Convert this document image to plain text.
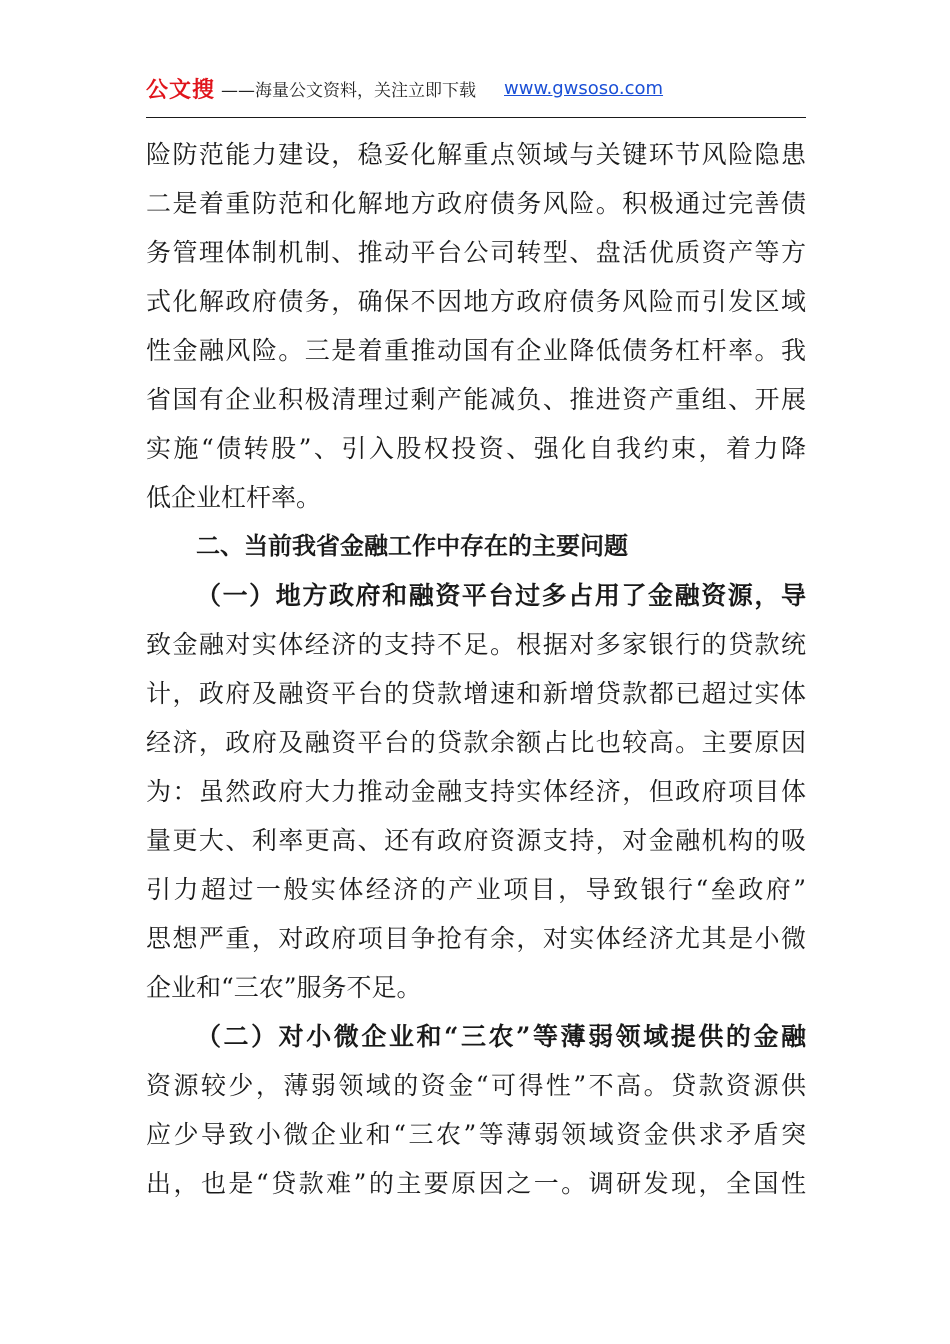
公文搜 ——海量公文资料，关注立即下载 www.gwsoso.com
险防范能力建设，稳妥化解重点领域与关键环节风险隐患
二是着重防范和化解地方政府债务风险。积极通过完善债
务管理体制机制、推动平台公司转型、盘活优质资产等方
式化解政府债务，确保不因地方政府债务风险而引发区域
性金融风险。三是着重推动国有企业降低债务杠杆率。我
省国有企业积极清理过剩产能减负、推进资产重组、开展
实施“债转股”、引入股权投资、强化自我约束，着力降
低企业杠杆率。
二、当前我省金融工作中存在的主要问题
（一）地方政府和融资平台过多占用了金融资源，导
致金融对实体经济的支持不足。根据对多家银行的贷款统
计，政府及融资平台的贷款增速和新增贷款都已超过实体
经济，政府及融资平台的贷款余额占比也较高。主要原因
为：虽然政府大力推动金融支持实体经济，但政府项目体
量更大、利率更高、还有政府资源支持，对金融机构的吸
引力超过一般实体经济的产业项目，导致银行“垒政府”
思想严重，对政府项目争抢有余，对实体经济尤其是小微
企业和“三农”服务不足。
（二）对小微企业和“三农”等薄弱领域提供的金融
资源较少，薄弱领域的资金“可得性”不高。贷款资源供
应少导致小微企业和“三农”等薄弱领域资金供求矛盾突
出，也是“贷款难”的主要原因之一。调研发现，全国性
